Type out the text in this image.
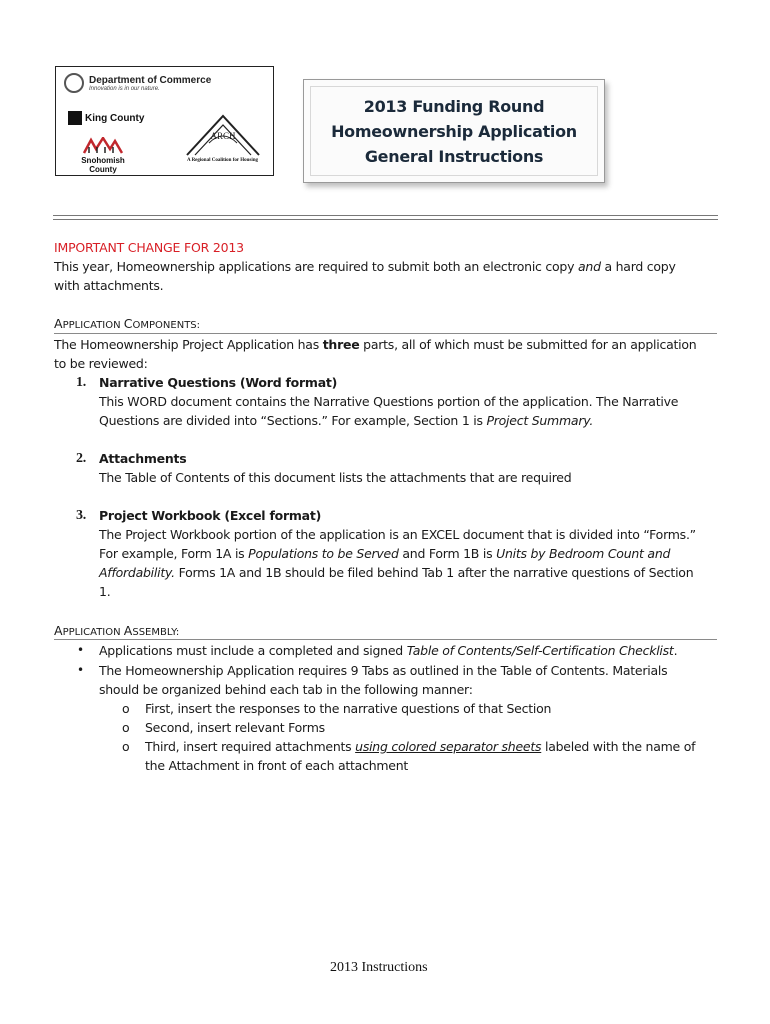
Department of Commerce
Innovation is in our nature.
King County
Snohomish County
ARCH
A Regional Coalition for Housing
2013 Funding Round
Homeownership Application
General Instructions
IMPORTANT CHANGE FOR 2013
This year, Homeownership applications are required to submit both an electronic copy and a hard copy
with attachments.
APPLICATION COMPONENTS:
The Homeownership Project Application has three parts, all of which must be submitted for an application
to be reviewed:
1. Narrative Questions (Word format)
This WORD document contains the Narrative Questions portion of the application. The Narrative
Questions are divided into “Sections.” For example, Section 1 is Project Summary.
2. Attachments
The Table of Contents of this document lists the attachments that are required
3. Project Workbook (Excel format)
The Project Workbook portion of the application is an EXCEL document that is divided into “Forms.”
For example, Form 1A is Populations to be Served and Form 1B is Units by Bedroom Count and
Affordability. Forms 1A and 1B should be filed behind Tab 1 after the narrative questions of Section
1.
APPLICATION ASSEMBLY:
• Applications must include a completed and signed Table of Contents/Self-Certification Checklist.
• The Homeownership Application requires 9 Tabs as outlined in the Table of Contents. Materials
should be organized behind each tab in the following manner:
o First, insert the responses to the narrative questions of that Section
o Second, insert relevant Forms
o Third, insert required attachments using colored separator sheets labeled with the name of
the Attachment in front of each attachment
2013 Instructions
